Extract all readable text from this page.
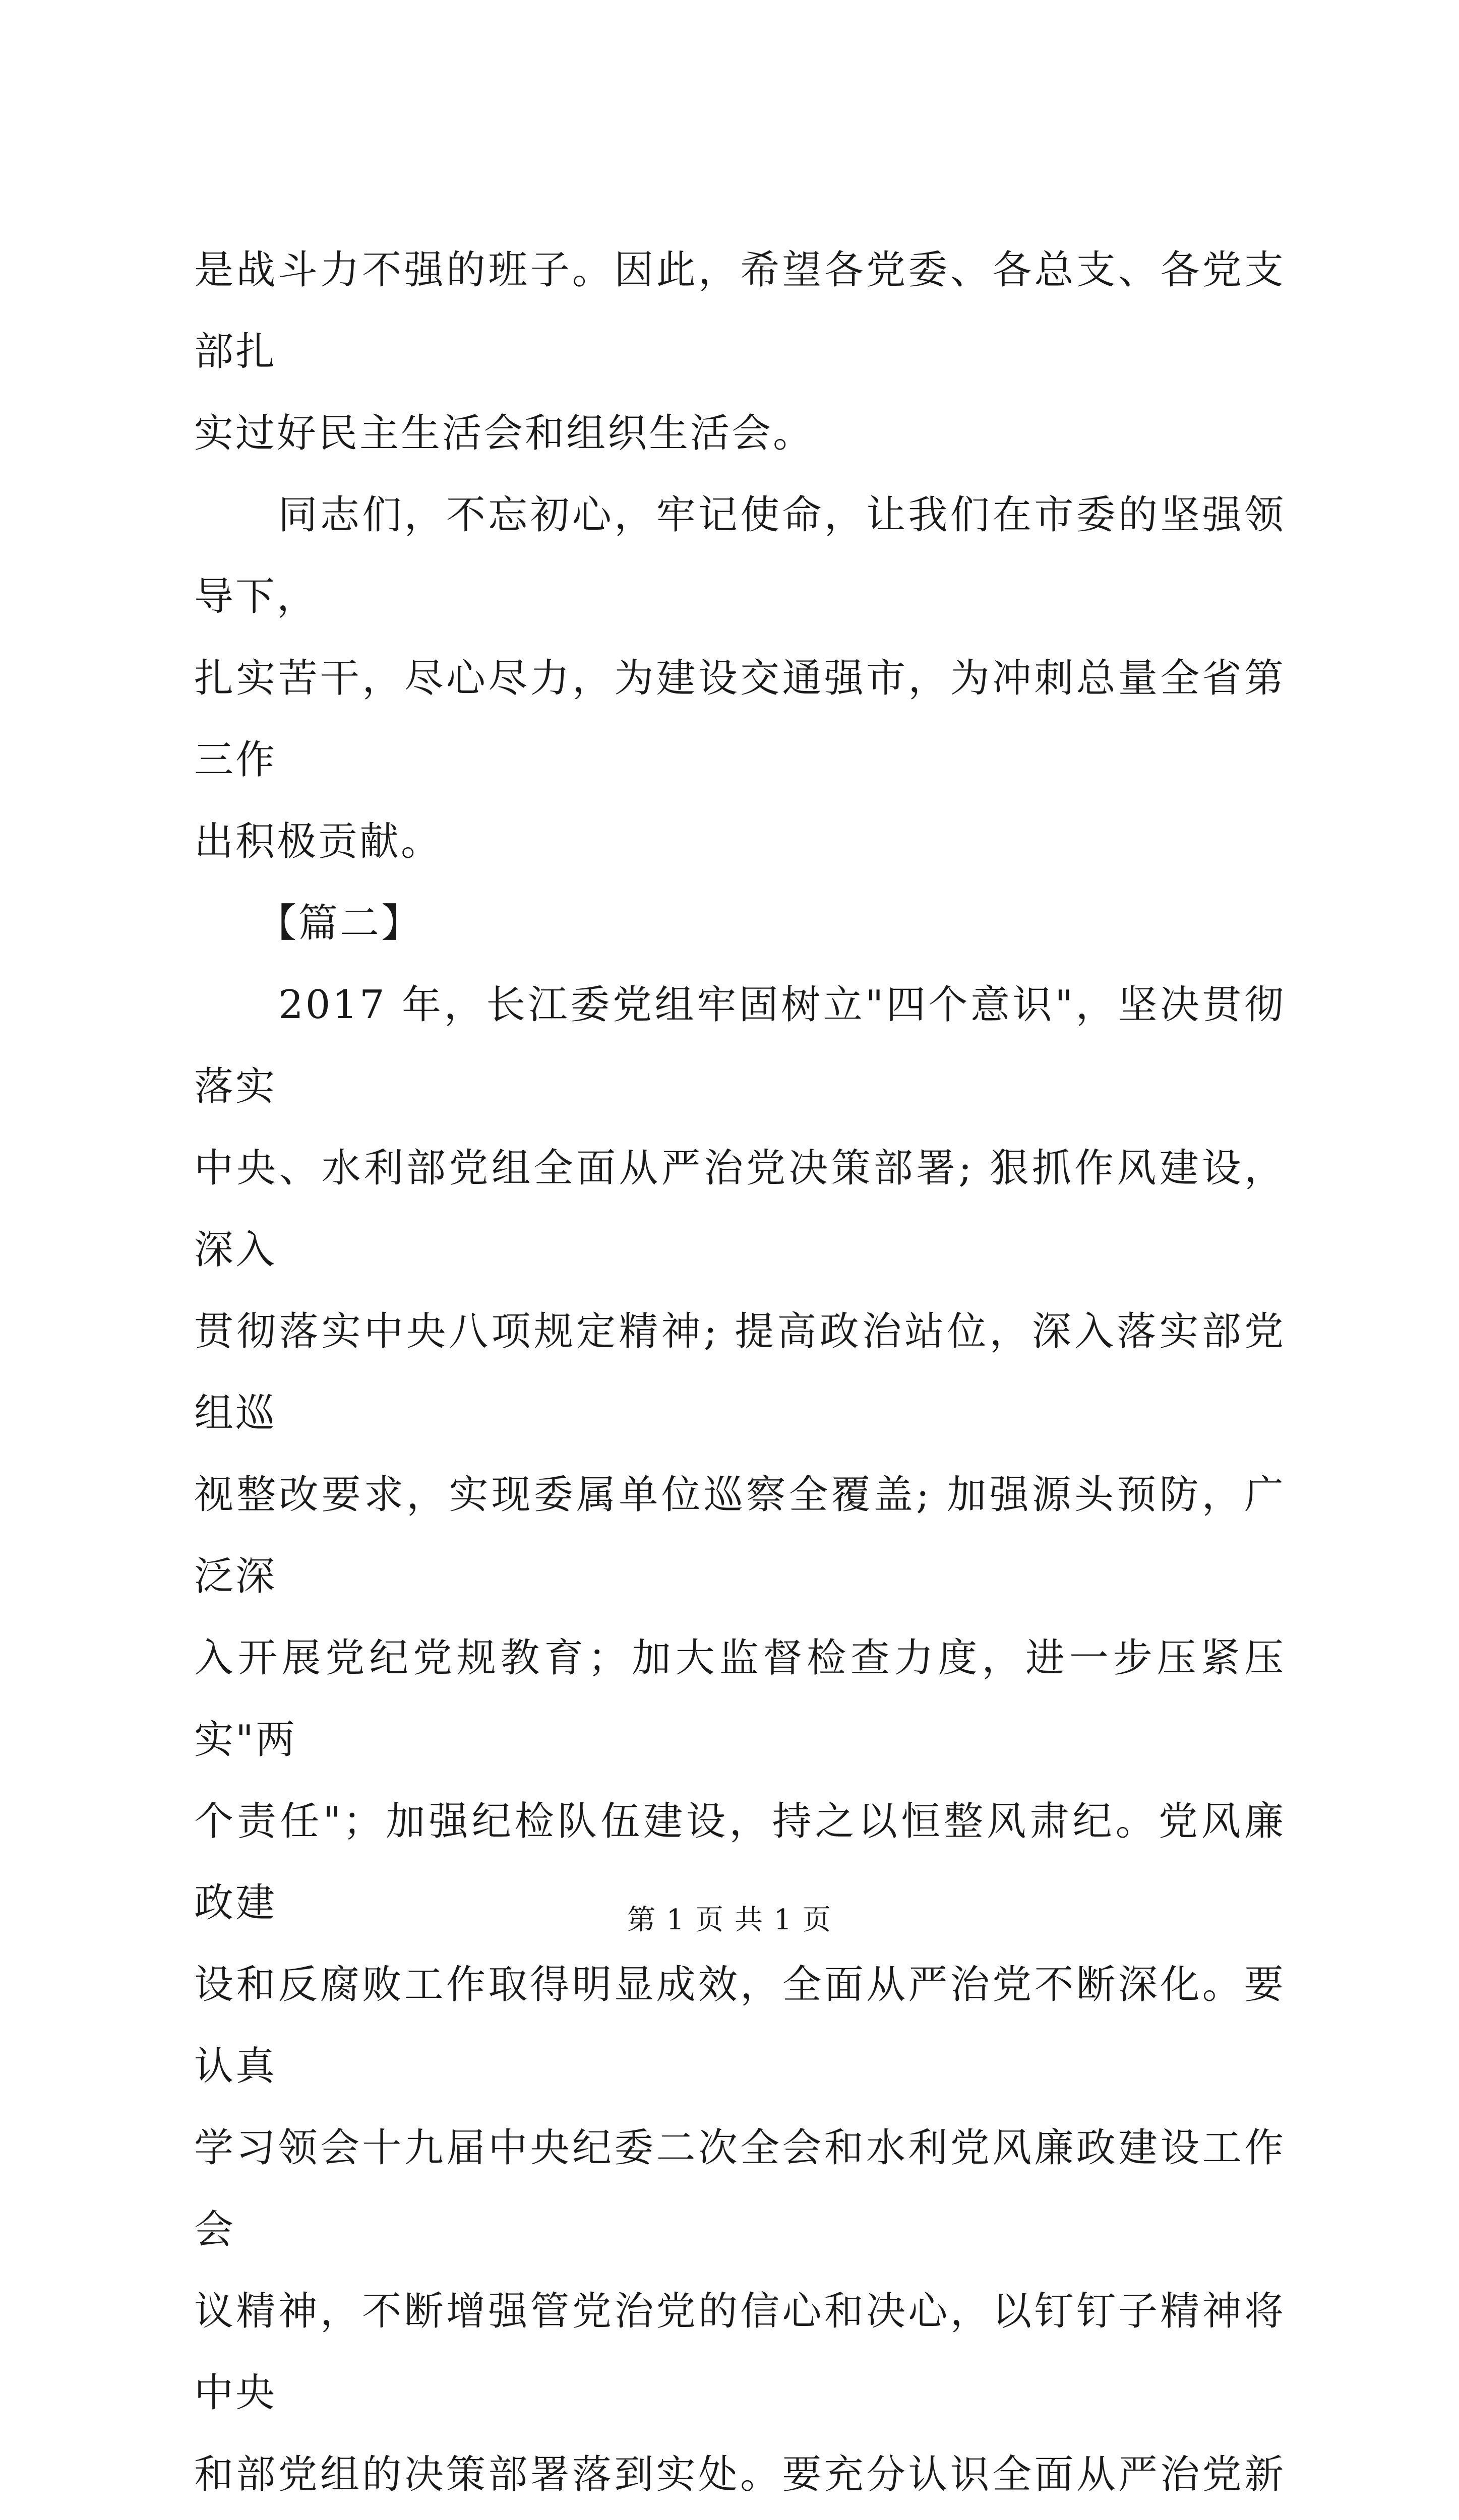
是战斗力不强的班子。因此，希望各党委、各总支、各党支部扎
实过好民主生活会和组织生活会。

　　同志们，不忘初心，牢记使命，让我们在市委的坚强领导下，
扎实苦干，尽心尽力，为建设交通强市，为冲刺总量全省第三作
出积极贡献。

　　【篇二】

　　2017 年，长江委党组牢固树立"四个意识"，坚决贯彻落实
中央、水利部党组全面从严治党决策部署; 狠抓作风建设，深入
贯彻落实中央八项规定精神; 提高政治站位，深入落实部党组巡
视整改要求，实现委属单位巡察全覆盖; 加强源头预防，广泛深
入开展党纪党规教育；加大监督检查力度，进一步压紧压实"两
个责任"；加强纪检队伍建设，持之以恒整风肃纪。党风廉政建
设和反腐败工作取得明显成效，全面从严治党不断深化。要认真
学习领会十九届中央纪委二次全会和水利党风廉政建设工作会
议精神，不断增强管党治党的信心和决心，以钉钉子精神将中央
和部党组的决策部署落到实处。要充分认识全面从严治党新

第 1 页 共 1 页
